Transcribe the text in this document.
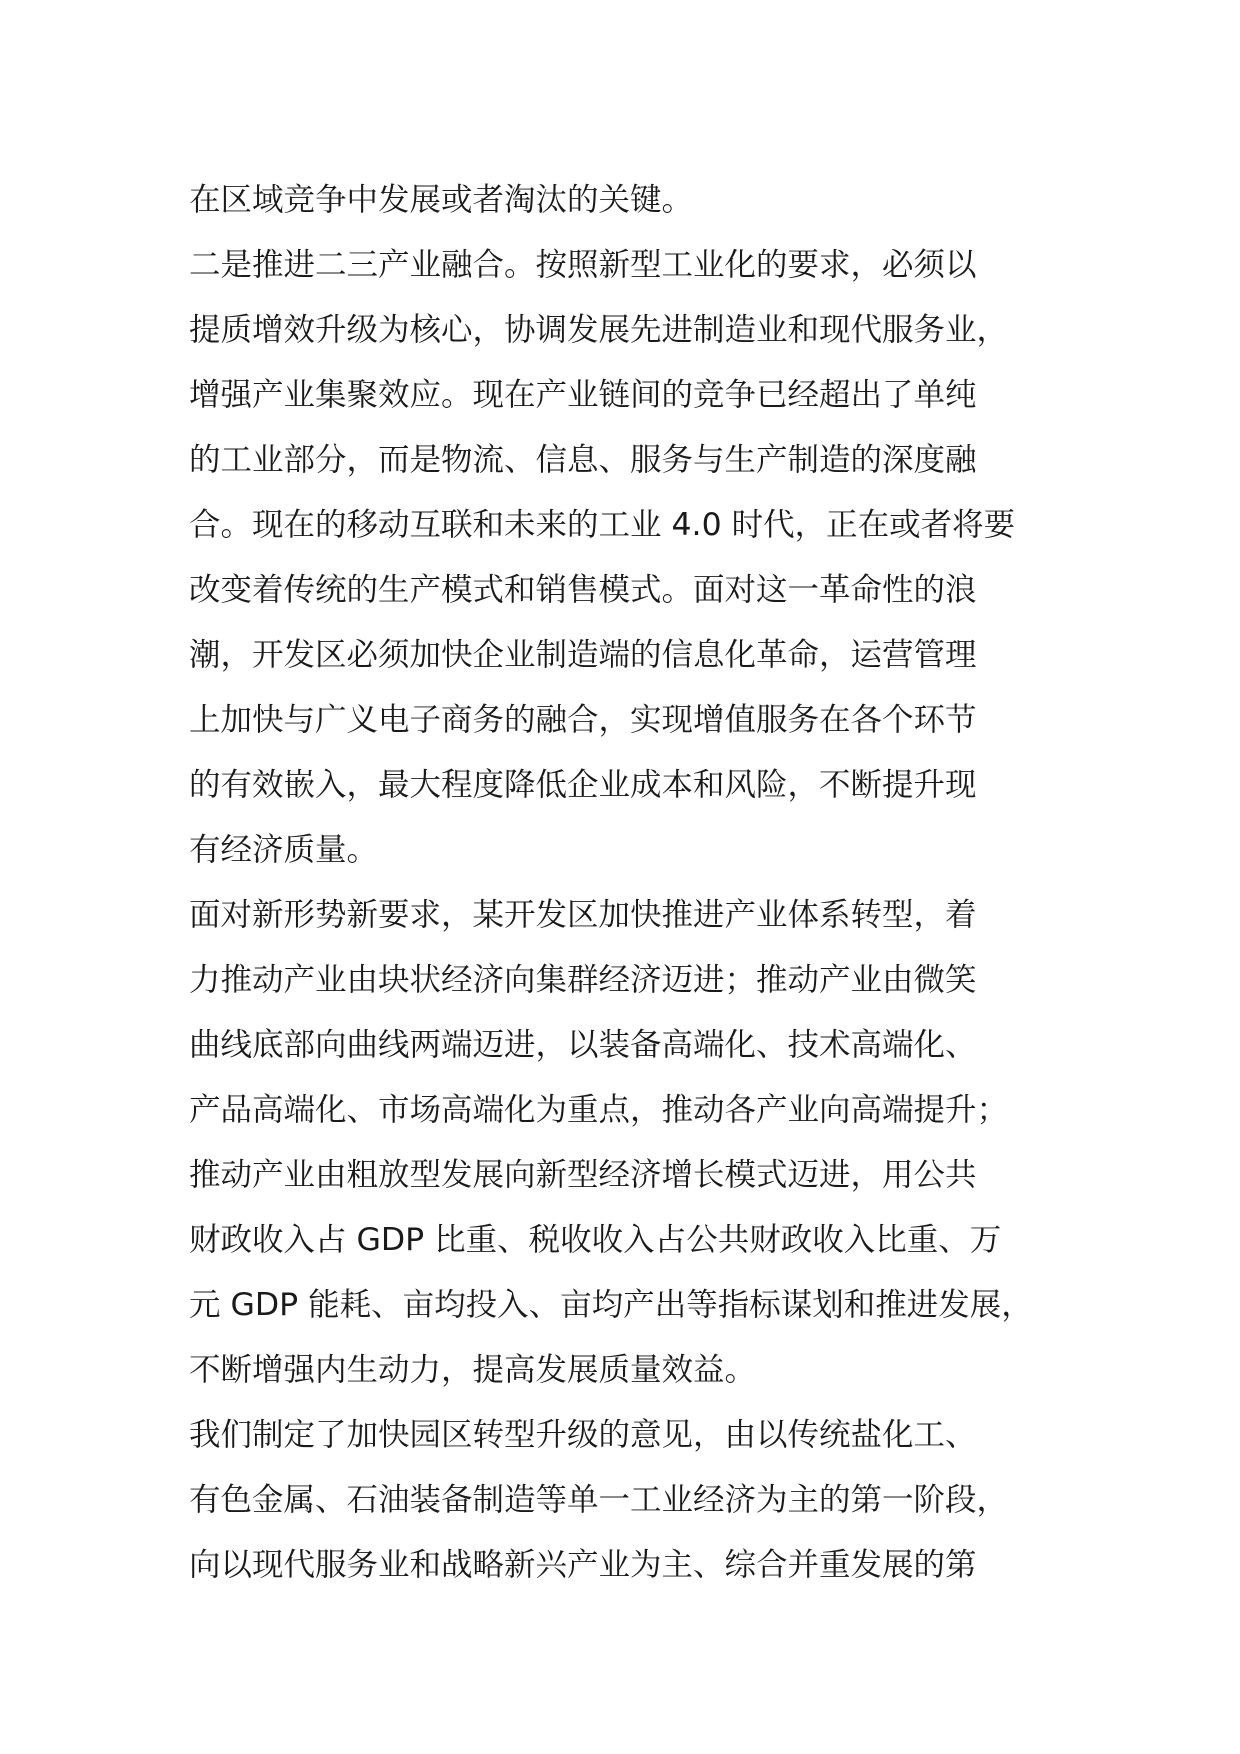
在区域竞争中发展或者淘汰的关键。
二是推进二三产业融合。按照新型工业化的要求，必须以
提质增效升级为核心，协调发展先进制造业和现代服务业，
增强产业集聚效应。现在产业链间的竞争已经超出了单纯
的工业部分，而是物流、信息、服务与生产制造的深度融
合。现在的移动互联和未来的工业 4.0 时代，正在或者将要
改变着传统的生产模式和销售模式。面对这一革命性的浪
潮，开发区必须加快企业制造端的信息化革命，运营管理
上加快与广义电子商务的融合，实现增值服务在各个环节
的有效嵌入，最大程度降低企业成本和风险，不断提升现
有经济质量。
面对新形势新要求，某开发区加快推进产业体系转型，着
力推动产业由块状经济向集群经济迈进；推动产业由微笑
曲线底部向曲线两端迈进，以装备高端化、技术高端化、
产品高端化、市场高端化为重点，推动各产业向高端提升；
推动产业由粗放型发展向新型经济增长模式迈进，用公共
财政收入占 GDP 比重、税收收入占公共财政收入比重、万
元 GDP 能耗、亩均投入、亩均产出等指标谋划和推进发展，
不断增强内生动力，提高发展质量效益。
我们制定了加快园区转型升级的意见，由以传统盐化工、
有色金属、石油装备制造等单一工业经济为主的第一阶段，
向以现代服务业和战略新兴产业为主、综合并重发展的第
